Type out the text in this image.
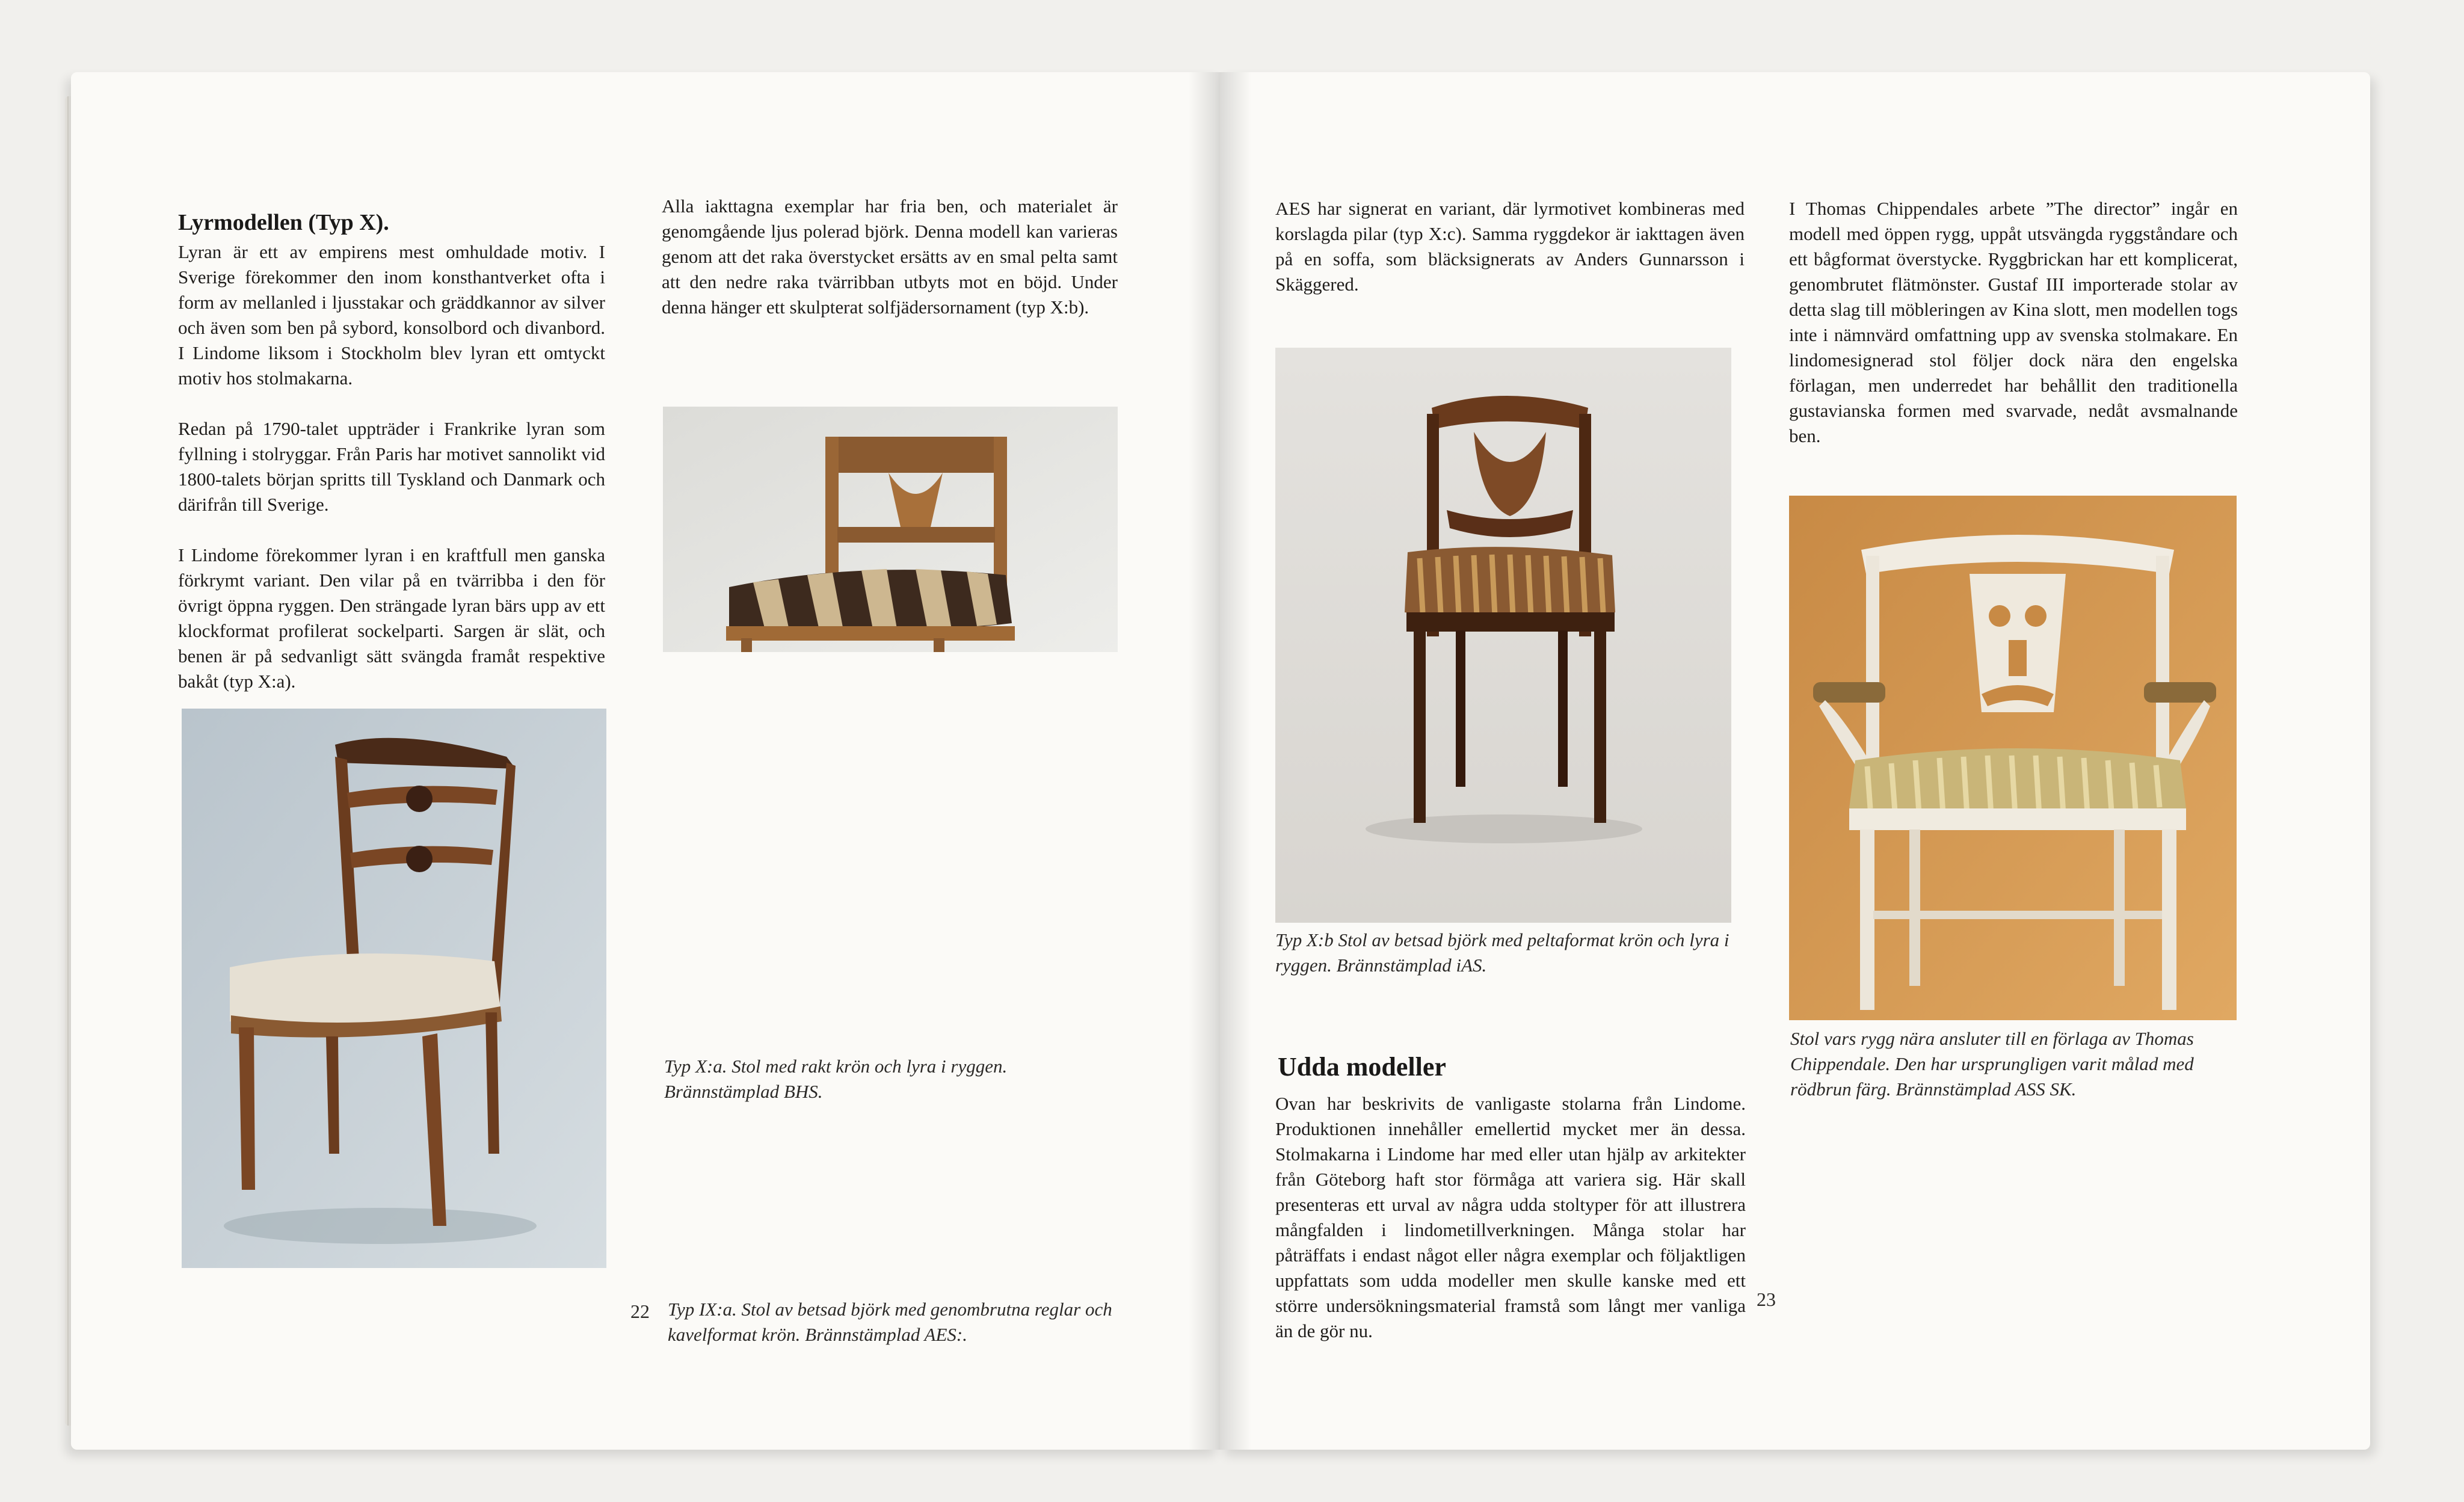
Lyrmodellen (Typ X).

Lyran är ett av empirens mest omhuldade motiv. I Sverige förekommer den inom konsthantverket ofta i form av mellanled i ljusstakar och gräddkannor av silver och även som ben på sybord, konsolbord och divanbord. I Lindome liksom i Stockholm blev lyran ett omtyckt motiv hos stolmakarna.

Redan på 1790-talet uppträder i Frankrike lyran som fyllning i stolryggar. Från Paris har motivet sannolikt vid 1800-talets början spritts till Tyskland och Danmark och därifrån till Sverige.

I Lindome förekommer lyran i en kraftfull men ganska förkrymt variant. Den vilar på en tvärribba i den för övrigt öppna ryggen. Den strängade lyran bärs upp av ett klockformat profilerat sockelparti. Sargen är slät, och benen är på sedvanligt sätt svängda framåt respektive bakåt (typ X:a).

Alla iakttagna exemplar har fria ben, och materialet är genomgående ljus polerad björk. Denna modell kan varieras genom att det raka överstycket ersätts av en smal pelta samt att den nedre raka tvärribban utbyts mot en böjd. Under denna hänger ett skulpterat solfjädersornament (typ X:b).

Typ X:a. Stol med rakt krön och lyra i ryggen. Brännstämplad BHS.
Typ IX:a. Stol av betsad björk med genombrutna reglar och kavelformat krön. Brännstämplad AES:.
22

AES har signerat en variant, där lyrmotivet kombineras med korslagda pilar (typ X:c). Samma ryggdekor är iakttagen även på en soffa, som bläcksignerats av Anders Gunnarsson i Skäggered.

Typ X:b Stol av betsad björk med peltaformat krön och lyra i ryggen. Brännstämplad iAS.
Udda modeller

Ovan har beskrivits de vanligaste stolarna från Lindome. Produktionen innehåller emellertid mycket mer än dessa. Stolmakarna i Lindome har med eller utan hjälp av arkitekter från Göteborg haft stor förmåga att variera sig. Här skall presenteras ett urval av några udda stoltyper för att illustrera mångfalden i lindometillverkningen. Många stolar har påträffats i endast något eller några exemplar och följaktligen uppfattats som udda modeller men skulle kanske med ett större undersökningsmaterial framstå som långt mer vanliga än de gör nu.

I Thomas Chippendales arbete ”The director” ingår en modell med öppen rygg, uppåt utsvängda ryggståndare och ett bågformat överstycke. Ryggbrickan har ett komplicerat, genombrutet flätmönster. Gustaf III importerade stolar av detta slag till möbleringen av Kina slott, men modellen togs inte i nämnvärd omfattning upp av svenska stolmakare. En lindomesignerad stol följer dock nära den engelska förlagan, men underredet har behållit den traditionella gustavianska formen med svarvade, nedåt avsmalnande ben.

Stol vars rygg nära ansluter till en förlaga av Thomas Chippendale. Den har ursprungligen varit målad med rödbrun färg. Brännstämplad ASS SK.
23
